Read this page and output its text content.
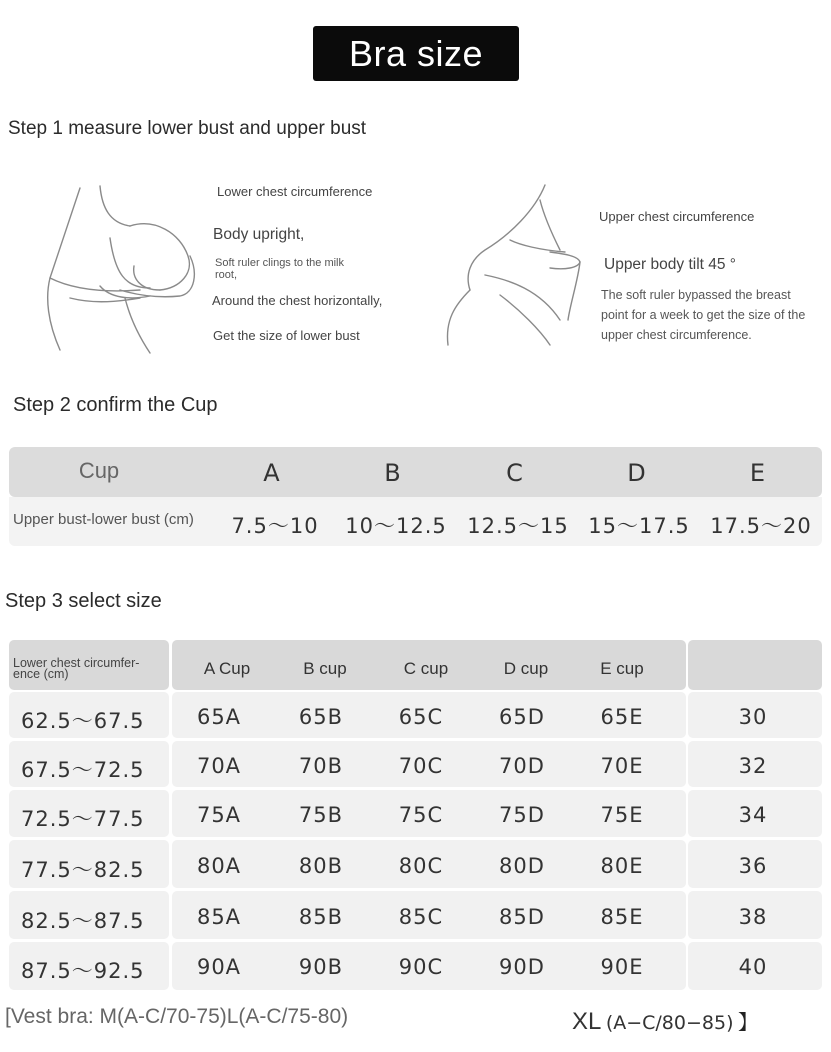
Bra size
Step 1 measure lower bust and upper bust
Lower chest circumference
Body upright,
Soft ruler clings to the milk root,
Around the chest horizontally,
Get the size of lower bust
Upper chest circumference
Upper body tilt 45 °
The soft ruler bypassed the breast point for a week to get the size of the upper chest circumference.
Step 2 confirm the Cup
Cup	A	B	C	D	E
Upper bust-lower bust (cm)	7.5～10	10～12.5 12.5～15 15～17.5 17.5～20
Step 3 select size
Lower chest circumfer-ence (cm)	A Cup	B cup	C cup	D cup	E cup
62.5～67.5	65A	65B	65C	65D	65E	30
67.5～72.5	70A	70B	70C	70D	70E	32
72.5～77.5	75A	75B	75C	75D	75E	34
77.5～82.5	80A	80B	80C	80D	80E	36
82.5～87.5	85A	85B	85C	85D	85E	38
87.5～92.5	90A	90B	90C	90D	90E	40
[Vest bra: M(A-C/70-75)L(A-C/75-80)	XL (A−C/80−85) 】
